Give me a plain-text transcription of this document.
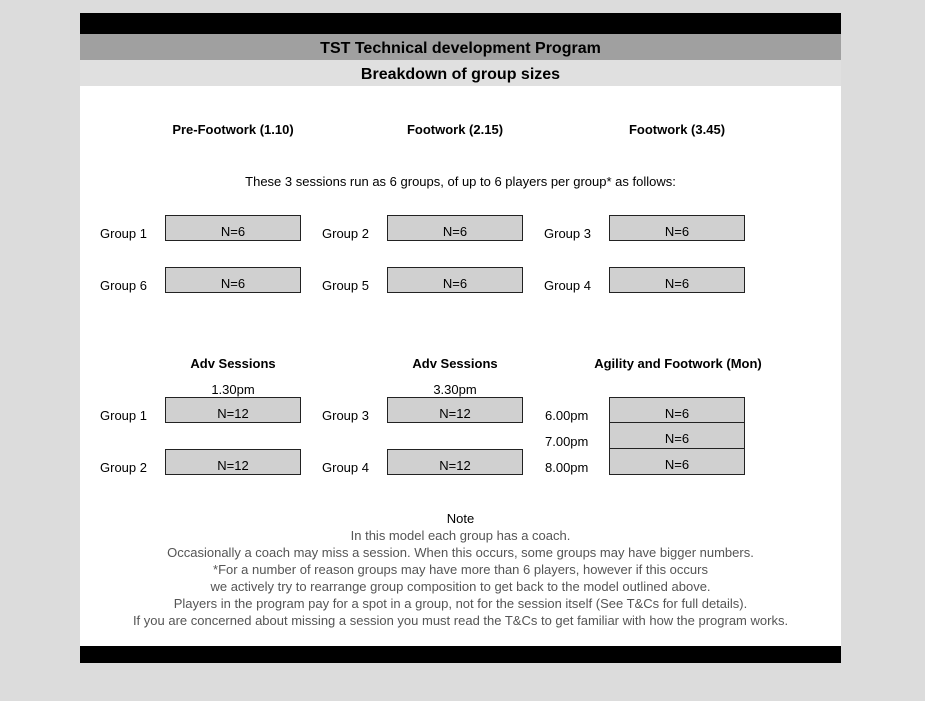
TST Technical development Program
Breakdown of group sizes
Pre-Footwork (1.10)	Footwork (2.15)	Footwork (3.45)
These 3 sessions run as 6 groups, of up to 6 players per group* as follows:
Group 1	N=6	Group 2	N=6	Group 3	N=6
Group 6	N=6	Group 5	N=6	Group 4	N=6
Adv Sessions	Adv Sessions	Agility and Footwork (Mon)
1.30pm	3.30pm
Group 1	N=12	Group 3	N=12
Group 2	N=12	Group 4	N=12
6.00pm	N=6
7.00pm	N=6
8.00pm	N=6
Note
In this model each group has a coach.
Occasionally a coach may miss a session. When this occurs, some groups may have bigger numbers.
*For a number of reason groups may have more than 6 players, however if this occurs
we actively try to rearrange group composition to get back to the model outlined above.
Players in the program pay for a spot in a group, not for the session itself (See T&Cs for full details).
If you are concerned about missing a session you must read the T&Cs to get familiar with how the program works.
